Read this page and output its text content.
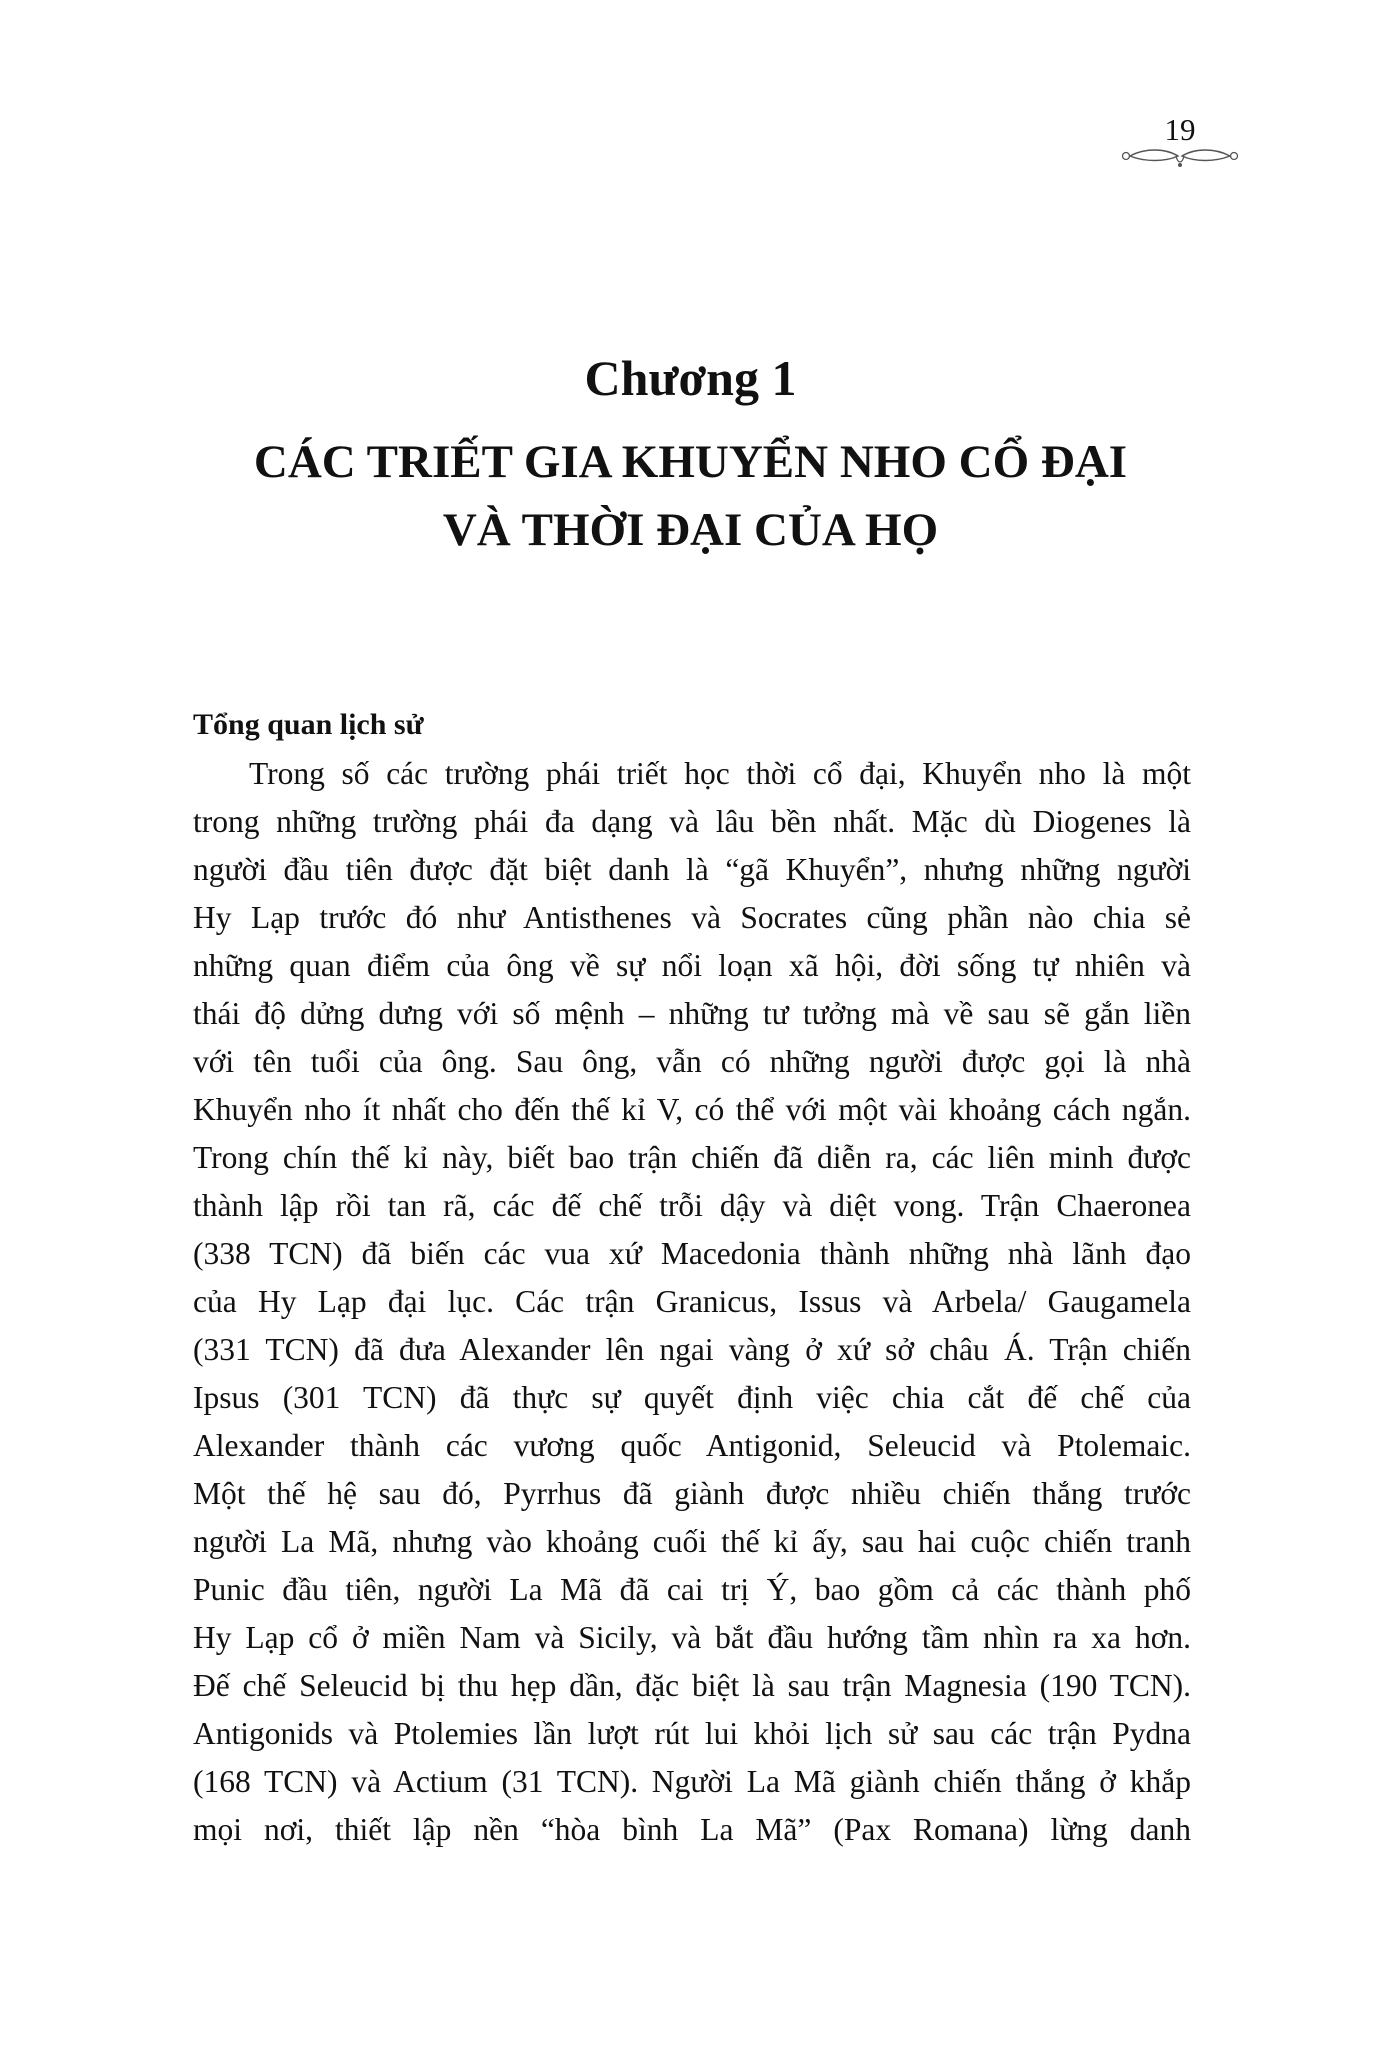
19
Chương 1
CÁC TRIẾT GIA KHUYỂN NHO CỔ ĐẠI
VÀ THỜI ĐẠI CỦA HỌ
Tổng quan lịch sử
Trong số các trường phái triết học thời cổ đại, Khuyển nho là một
trong những trường phái đa dạng và lâu bền nhất. Mặc dù Diogenes là
người đầu tiên được đặt biệt danh là “gã Khuyển”, nhưng những người
Hy Lạp trước đó như Antisthenes và Socrates cũng phần nào chia sẻ
những quan điểm của ông về sự nổi loạn xã hội, đời sống tự nhiên và
thái độ dửng dưng với số mệnh – những tư tưởng mà về sau sẽ gắn liền
với tên tuổi của ông. Sau ông, vẫn có những người được gọi là nhà
Khuyển nho ít nhất cho đến thế kỉ V, có thể với một vài khoảng cách ngắn.
Trong chín thế kỉ này, biết bao trận chiến đã diễn ra, các liên minh được
thành lập rồi tan rã, các đế chế trỗi dậy và diệt vong. Trận Chaeronea
(338 TCN) đã biến các vua xứ Macedonia thành những nhà lãnh đạo
của Hy Lạp đại lục. Các trận Granicus, Issus và Arbela/ Gaugamela
(331 TCN) đã đưa Alexander lên ngai vàng ở xứ sở châu Á. Trận chiến
Ipsus (301 TCN) đã thực sự quyết định việc chia cắt đế chế của
Alexander thành các vương quốc Antigonid, Seleucid và Ptolemaic.
Một thế hệ sau đó, Pyrrhus đã giành được nhiều chiến thắng trước
người La Mã, nhưng vào khoảng cuối thế kỉ ấy, sau hai cuộc chiến tranh
Punic đầu tiên, người La Mã đã cai trị Ý, bao gồm cả các thành phố
Hy Lạp cổ ở miền Nam và Sicily, và bắt đầu hướng tầm nhìn ra xa hơn.
Đế chế Seleucid bị thu hẹp dần, đặc biệt là sau trận Magnesia (190 TCN).
Antigonids và Ptolemies lần lượt rút lui khỏi lịch sử sau các trận Pydna
(168 TCN) và Actium (31 TCN). Người La Mã giành chiến thắng ở khắp
mọi nơi, thiết lập nền “hòa bình La Mã” (Pax Romana) lừng danh
